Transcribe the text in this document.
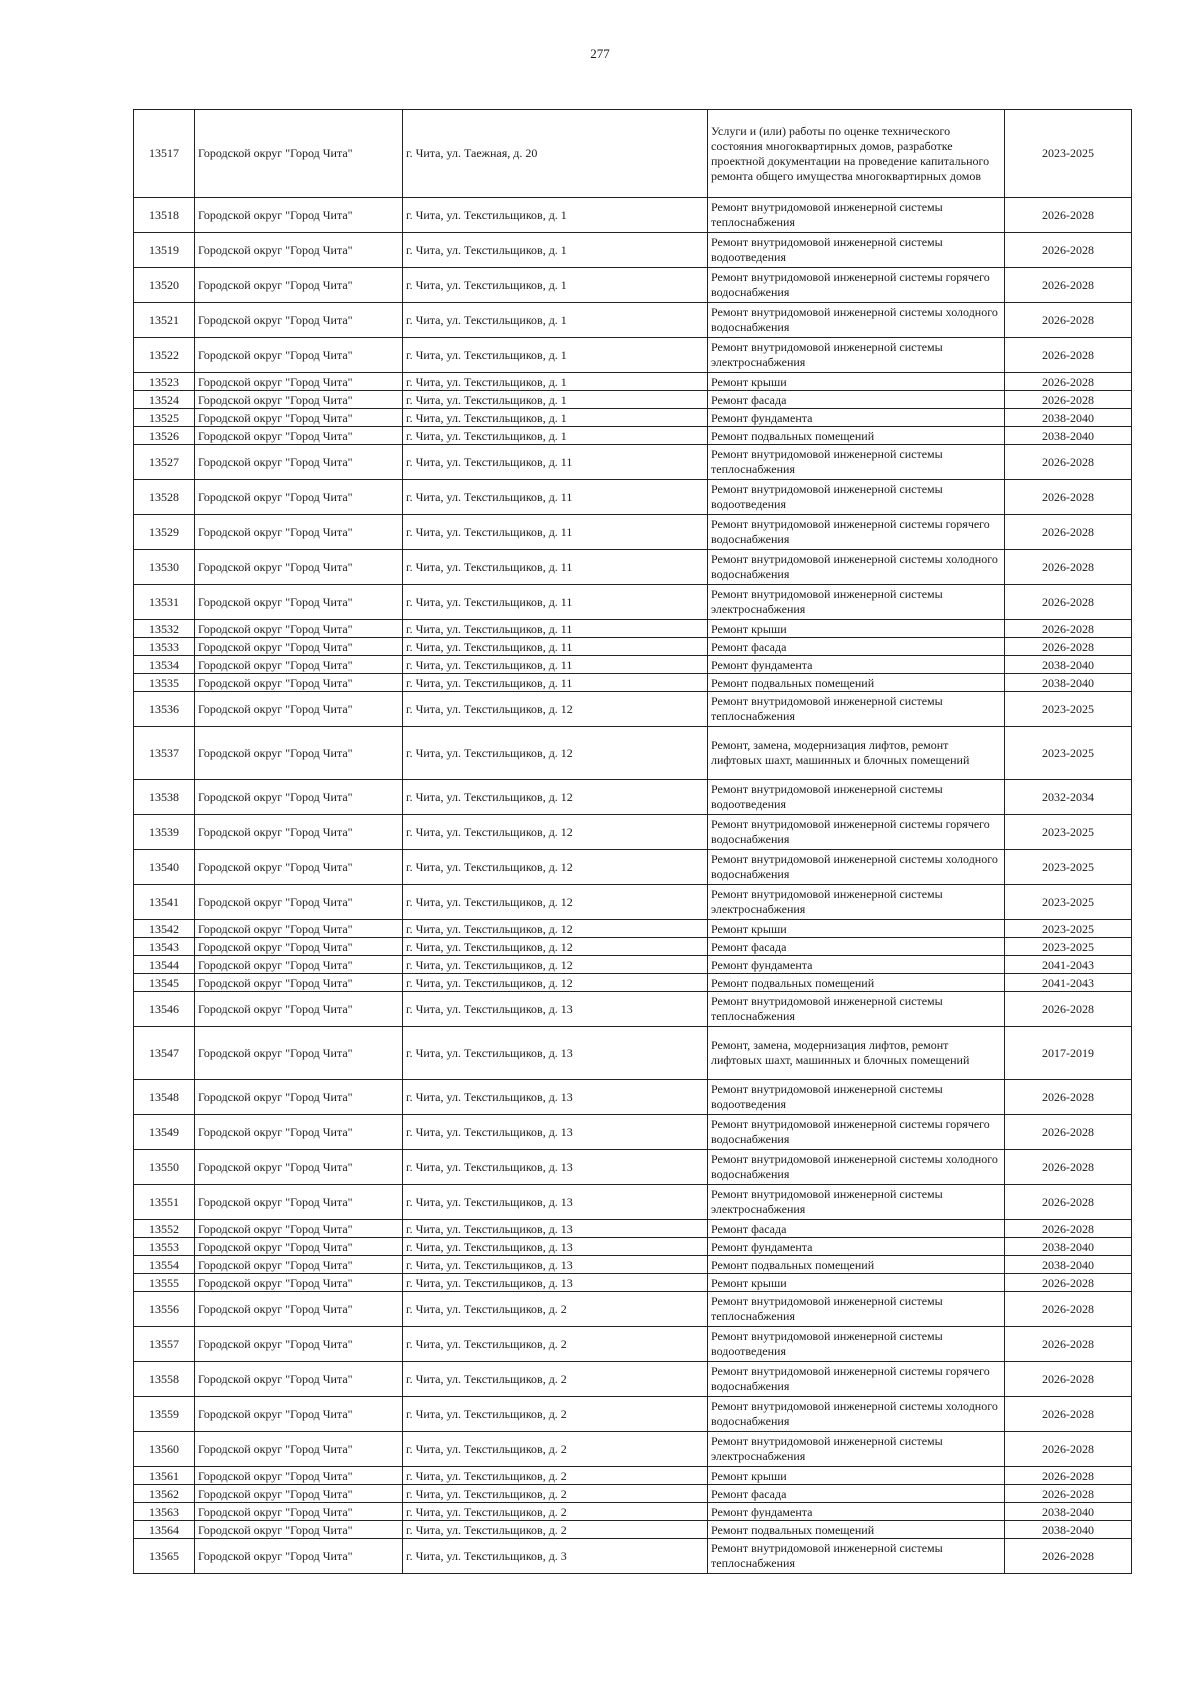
277
13517	Городской округ "Город Чита"	г. Чита, ул. Таежная, д. 20	Услуги и (или) работы по оценке технического состояния многоквартирных домов, разработке проектной документации на проведение капитального ремонта общего имущества многоквартирных домов	2023-2025
13518	Городской округ "Город Чита"	г. Чита, ул. Текстильщиков, д. 1	Ремонт внутридомовой инженерной системы теплоснабжения	2026-2028
13519	Городской округ "Город Чита"	г. Чита, ул. Текстильщиков, д. 1	Ремонт внутридомовой инженерной системы водоотведения	2026-2028
13520	Городской округ "Город Чита"	г. Чита, ул. Текстильщиков, д. 1	Ремонт внутридомовой инженерной системы горячего водоснабжения	2026-2028
13521	Городской округ "Город Чита"	г. Чита, ул. Текстильщиков, д. 1	Ремонт внутридомовой инженерной системы холодного водоснабжения	2026-2028
13522	Городской округ "Город Чита"	г. Чита, ул. Текстильщиков, д. 1	Ремонт внутридомовой инженерной системы электроснабжения	2026-2028
13523	Городской округ "Город Чита"	г. Чита, ул. Текстильщиков, д. 1	Ремонт крыши	2026-2028
13524	Городской округ "Город Чита"	г. Чита, ул. Текстильщиков, д. 1	Ремонт фасада	2026-2028
13525	Городской округ "Город Чита"	г. Чита, ул. Текстильщиков, д. 1	Ремонт фундамента	2038-2040
13526	Городской округ "Город Чита"	г. Чита, ул. Текстильщиков, д. 1	Ремонт подвальных помещений	2038-2040
13527	Городской округ "Город Чита"	г. Чита, ул. Текстильщиков, д. 11	Ремонт внутридомовой инженерной системы теплоснабжения	2026-2028
13528	Городской округ "Город Чита"	г. Чита, ул. Текстильщиков, д. 11	Ремонт внутридомовой инженерной системы водоотведения	2026-2028
13529	Городской округ "Город Чита"	г. Чита, ул. Текстильщиков, д. 11	Ремонт внутридомовой инженерной системы горячего водоснабжения	2026-2028
13530	Городской округ "Город Чита"	г. Чита, ул. Текстильщиков, д. 11	Ремонт внутридомовой инженерной системы холодного водоснабжения	2026-2028
13531	Городской округ "Город Чита"	г. Чита, ул. Текстильщиков, д. 11	Ремонт внутридомовой инженерной системы электроснабжения	2026-2028
13532	Городской округ "Город Чита"	г. Чита, ул. Текстильщиков, д. 11	Ремонт крыши	2026-2028
13533	Городской округ "Город Чита"	г. Чита, ул. Текстильщиков, д. 11	Ремонт фасада	2026-2028
13534	Городской округ "Город Чита"	г. Чита, ул. Текстильщиков, д. 11	Ремонт фундамента	2038-2040
13535	Городской округ "Город Чита"	г. Чита, ул. Текстильщиков, д. 11	Ремонт подвальных помещений	2038-2040
13536	Городской округ "Город Чита"	г. Чита, ул. Текстильщиков, д. 12	Ремонт внутридомовой инженерной системы теплоснабжения	2023-2025
13537	Городской округ "Город Чита"	г. Чита, ул. Текстильщиков, д. 12	Ремонт, замена, модернизация лифтов, ремонт лифтовых шахт, машинных и блочных помещений	2023-2025
13538	Городской округ "Город Чита"	г. Чита, ул. Текстильщиков, д. 12	Ремонт внутридомовой инженерной системы водоотведения	2032-2034
13539	Городской округ "Город Чита"	г. Чита, ул. Текстильщиков, д. 12	Ремонт внутридомовой инженерной системы горячего водоснабжения	2023-2025
13540	Городской округ "Город Чита"	г. Чита, ул. Текстильщиков, д. 12	Ремонт внутридомовой инженерной системы холодного водоснабжения	2023-2025
13541	Городской округ "Город Чита"	г. Чита, ул. Текстильщиков, д. 12	Ремонт внутридомовой инженерной системы электроснабжения	2023-2025
13542	Городской округ "Город Чита"	г. Чита, ул. Текстильщиков, д. 12	Ремонт крыши	2023-2025
13543	Городской округ "Город Чита"	г. Чита, ул. Текстильщиков, д. 12	Ремонт фасада	2023-2025
13544	Городской округ "Город Чита"	г. Чита, ул. Текстильщиков, д. 12	Ремонт фундамента	2041-2043
13545	Городской округ "Город Чита"	г. Чита, ул. Текстильщиков, д. 12	Ремонт подвальных помещений	2041-2043
13546	Городской округ "Город Чита"	г. Чита, ул. Текстильщиков, д. 13	Ремонт внутридомовой инженерной системы теплоснабжения	2026-2028
13547	Городской округ "Город Чита"	г. Чита, ул. Текстильщиков, д. 13	Ремонт, замена, модернизация лифтов, ремонт лифтовых шахт, машинных и блочных помещений	2017-2019
13548	Городской округ "Город Чита"	г. Чита, ул. Текстильщиков, д. 13	Ремонт внутридомовой инженерной системы водоотведения	2026-2028
13549	Городской округ "Город Чита"	г. Чита, ул. Текстильщиков, д. 13	Ремонт внутридомовой инженерной системы горячего водоснабжения	2026-2028
13550	Городской округ "Город Чита"	г. Чита, ул. Текстильщиков, д. 13	Ремонт внутридомовой инженерной системы холодного водоснабжения	2026-2028
13551	Городской округ "Город Чита"	г. Чита, ул. Текстильщиков, д. 13	Ремонт внутридомовой инженерной системы электроснабжения	2026-2028
13552	Городской округ "Город Чита"	г. Чита, ул. Текстильщиков, д. 13	Ремонт фасада	2026-2028
13553	Городской округ "Город Чита"	г. Чита, ул. Текстильщиков, д. 13	Ремонт фундамента	2038-2040
13554	Городской округ "Город Чита"	г. Чита, ул. Текстильщиков, д. 13	Ремонт подвальных помещений	2038-2040
13555	Городской округ "Город Чита"	г. Чита, ул. Текстильщиков, д. 13	Ремонт крыши	2026-2028
13556	Городской округ "Город Чита"	г. Чита, ул. Текстильщиков, д. 2	Ремонт внутридомовой инженерной системы теплоснабжения	2026-2028
13557	Городской округ "Город Чита"	г. Чита, ул. Текстильщиков, д. 2	Ремонт внутридомовой инженерной системы водоотведения	2026-2028
13558	Городской округ "Город Чита"	г. Чита, ул. Текстильщиков, д. 2	Ремонт внутридомовой инженерной системы горячего водоснабжения	2026-2028
13559	Городской округ "Город Чита"	г. Чита, ул. Текстильщиков, д. 2	Ремонт внутридомовой инженерной системы холодного водоснабжения	2026-2028
13560	Городской округ "Город Чита"	г. Чита, ул. Текстильщиков, д. 2	Ремонт внутридомовой инженерной системы электроснабжения	2026-2028
13561	Городской округ "Город Чита"	г. Чита, ул. Текстильщиков, д. 2	Ремонт крыши	2026-2028
13562	Городской округ "Город Чита"	г. Чита, ул. Текстильщиков, д. 2	Ремонт фасада	2026-2028
13563	Городской округ "Город Чита"	г. Чита, ул. Текстильщиков, д. 2	Ремонт фундамента	2038-2040
13564	Городской округ "Город Чита"	г. Чита, ул. Текстильщиков, д. 2	Ремонт подвальных помещений	2038-2040
13565	Городской округ "Город Чита"	г. Чита, ул. Текстильщиков, д. 3	Ремонт внутридомовой инженерной системы теплоснабжения	2026-2028
